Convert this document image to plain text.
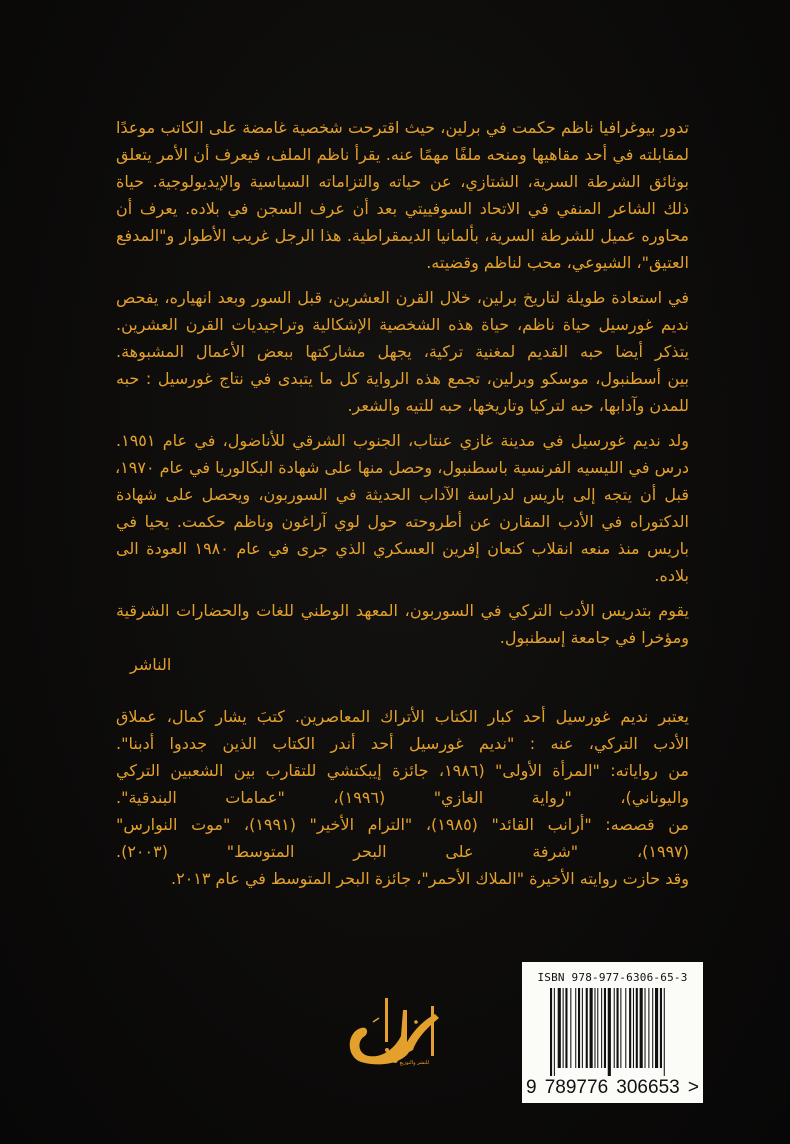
تدور بيوغرافيا ناظم حكمت في برلين، حيث اقترحت شخصية غامضة على الكاتب موعدًا
لمقابلته في أحد مقاهيها ومنحه ملفًا مهمًا عنه. يقرأ ناظم الملف، فيعرف أن الأمر يتعلق
بوثائق الشرطة السرية، الشتازي، عن حياته والتزاماته السياسية والإيديولوجية. حياة
ذلك الشاعر المنفي في الاتحاد السوفييتي بعد أن عرف السجن في بلاده. يعرف أن
محاوره عميل للشرطة السرية، بألمانيا الديمقراطية. هذا الرجل غريب الأطوار و"المدفع
العتيق"، الشيوعي، محب لناظم وقضيته.
في استعادة طويلة لتاريخ برلين، خلال القرن العشرين، قبل السور وبعد انهياره، يفحص
نديم غورسيل حياة ناظم، حياة هذه الشخصية الإشكالية وتراجيديات القرن العشرين.
يتذكر أيضا حبه القديم لمغنية تركية، يجهل مشاركتها ببعض الأعمال المشبوهة.
بين أسطنبول، موسكو وبرلين، تجمع هذه الرواية كل ما يتبدى في نتاج غورسيل : حبه
للمدن وآدابها، حبه لتركيا وتاريخها، حبه للتيه والشعر.
ولد نديم غورسيل في مدينة غازي عنتاب، الجنوب الشرقي للأناضول، في عام ١٩٥١.
درس في الليسيه الفرنسية باسطنبول، وحصل منها على شهادة البكالوريا في عام ١٩٧٠،
قبل أن يتجه إلى باريس لدراسة الآداب الحديثة في السوربون، ويحصل على شهادة
الدكتوراه في الأدب المقارن عن أطروحته حول لوي آراغون وناظم حكمت. يحيا في
باريس منذ منعه انقلاب كنعان إفرين العسكري الذي جرى في عام ١٩٨٠ العودة الى
بلاده.
يقوم بتدريس الأدب التركي في السوربون، المعهد الوطني للغات والحضارات الشرقية
ومؤخرا في جامعة إسطنبول.
الناشر
يعتبر نديم غورسيل أحد كبار الكتاب الأتراك المعاصرين. كتبَ يشار كمال، عملاق
الأدب التركي، عنه : "نديم غورسيل أحد أندر الكتاب الذين جددوا أدبنا".
من رواياته: "المرأة الأولى" (١٩٨٦، جائزة إيبكتشي للتقارب بين الشعبين التركي
واليوناني)، "رواية الغازي" (١٩٩٦)، "عمامات البندقية".
من قصصه: "أرانب القائد" (١٩٨٥)، "الترام الأخير" (١٩٩١)، "موت النوارس"
(١٩٩٧)، "شرفة على البحر المتوسط" (٢٠٠٣).
وقد حازت روايته الأخيرة "الملاك الأحمر"، جائزة البحر المتوسط في عام ٢٠١٣.
للنشر والتوزيع
ISBN 978-977-6306-65-3
9 789776 306653 >
